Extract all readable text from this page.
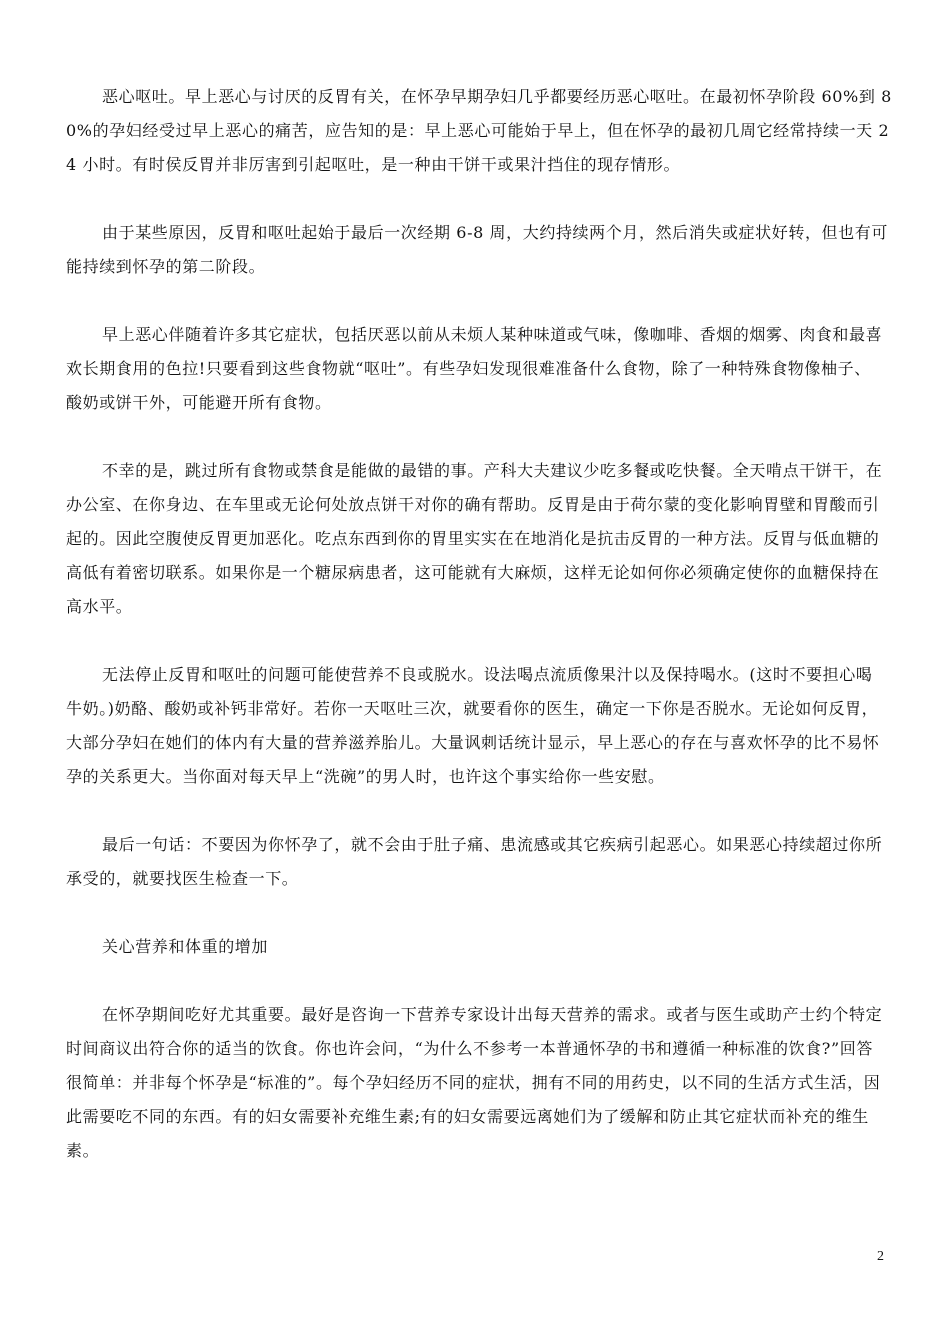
恶心呕吐。早上恶心与讨厌的反胃有关，在怀孕早期孕妇几乎都要经历恶心呕吐。在最初怀孕阶段 60%到 8
0%的孕妇经受过早上恶心的痛苦，应告知的是：早上恶心可能始于早上，但在怀孕的最初几周它经常持续一天 2
4 小时。有时侯反胃并非厉害到引起呕吐，是一种由干饼干或果汁挡住的现存情形。
由于某些原因，反胃和呕吐起始于最后一次经期 6-8 周，大约持续两个月，然后消失或症状好转，但也有可
能持续到怀孕的第二阶段。
早上恶心伴随着许多其它症状，包括厌恶以前从未烦人某种味道或气味，像咖啡、香烟的烟雾、肉食和最喜
欢长期食用的色拉!只要看到这些食物就“呕吐”。有些孕妇发现很难准备什么食物，除了一种特殊食物像柚子、
酸奶或饼干外，可能避开所有食物。
不幸的是，跳过所有食物或禁食是能做的最错的事。产科大夫建议少吃多餐或吃快餐。全天啃点干饼干，在
办公室、在你身边、在车里或无论何处放点饼干对你的确有帮助。反胃是由于荷尔蒙的变化影响胃壁和胃酸而引
起的。因此空腹使反胃更加恶化。吃点东西到你的胃里实实在在地消化是抗击反胃的一种方法。反胃与低血糖的
高低有着密切联系。如果你是一个糖尿病患者，这可能就有大麻烦，这样无论如何你必须确定使你的血糖保持在
高水平。
无法停止反胃和呕吐的问题可能使营养不良或脱水。设法喝点流质像果汁以及保持喝水。(这时不要担心喝
牛奶。)奶酪、酸奶或补钙非常好。若你一天呕吐三次，就要看你的医生，确定一下你是否脱水。无论如何反胃，
大部分孕妇在她们的体内有大量的营养滋养胎儿。大量讽刺话统计显示，早上恶心的存在与喜欢怀孕的比不易怀
孕的关系更大。当你面对每天早上“洗碗”的男人时，也许这个事实给你一些安慰。
最后一句话：不要因为你怀孕了，就不会由于肚子痛、患流感或其它疾病引起恶心。如果恶心持续超过你所
承受的，就要找医生检查一下。
关心营养和体重的增加
在怀孕期间吃好尤其重要。最好是咨询一下营养专家设计出每天营养的需求。或者与医生或助产士约个特定
时间商议出符合你的适当的饮食。你也许会问，“为什么不参考一本普通怀孕的书和遵循一种标准的饮食?”回答
很简单：并非每个怀孕是“标准的”。每个孕妇经历不同的症状，拥有不同的用药史，以不同的生活方式生活，因
此需要吃不同的东西。有的妇女需要补充维生素;有的妇女需要远离她们为了缓解和防止其它症状而补充的维生
素。
2
